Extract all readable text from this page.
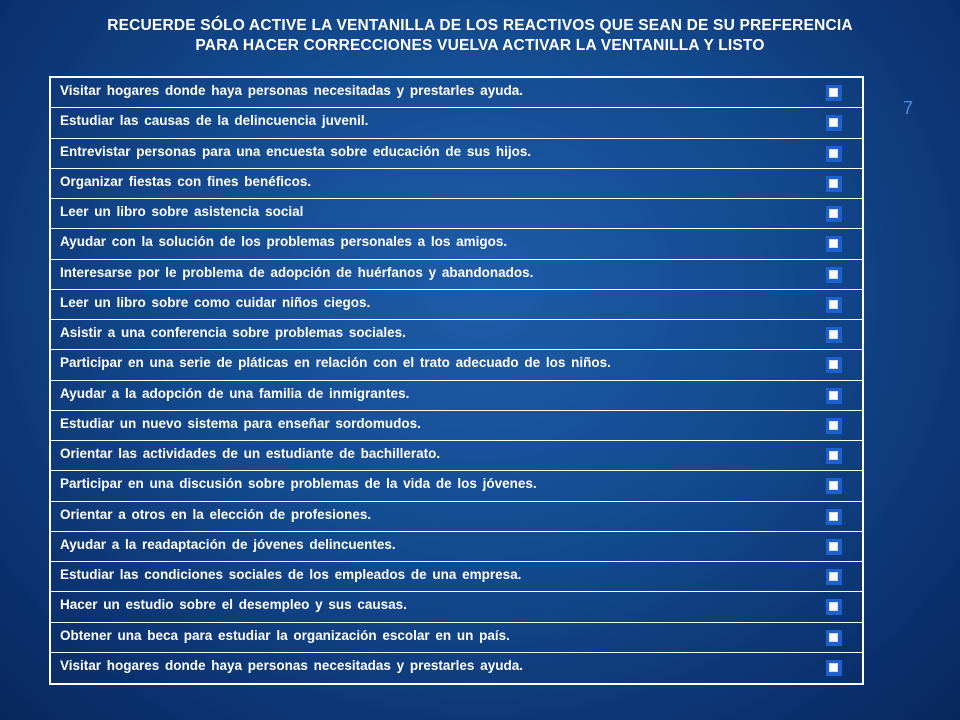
RECUERDE SÓLO ACTIVE LA VENTANILLA DE LOS REACTIVOS QUE SEAN DE SU PREFERENCIA
PARA HACER CORRECCIONES VUELVA ACTIVAR LA VENTANILLA Y LISTO
7
Visitar hogares donde haya personas necesitadas y prestarles ayuda.
Estudiar las causas de la delincuencia juvenil.
Entrevistar personas para una encuesta sobre educación de sus hijos.
Organizar fiestas con fines benéficos.
Leer un libro sobre asistencia social
Ayudar con la solución de los problemas personales a los amigos.
Interesarse por le problema de adopción de huérfanos y abandonados.
Leer un libro sobre como cuidar niños ciegos.
Asistir a una conferencia sobre problemas sociales.
Participar en una serie de pláticas en relación con el trato adecuado de los niños.
Ayudar a la adopción de una familia de inmigrantes.
Estudiar un nuevo sistema para enseñar sordomudos.
Orientar las actividades de un estudiante de bachillerato.
Participar en una discusión sobre problemas de la vida de los jóvenes.
Orientar a otros en la elección de profesiones.
Ayudar a la readaptación de jóvenes delincuentes.
Estudiar las condiciones sociales de los empleados de una empresa.
Hacer un estudio sobre el desempleo y sus causas.
Obtener una beca para estudiar la organización escolar en un país.
Visitar hogares donde haya personas necesitadas y prestarles ayuda.
